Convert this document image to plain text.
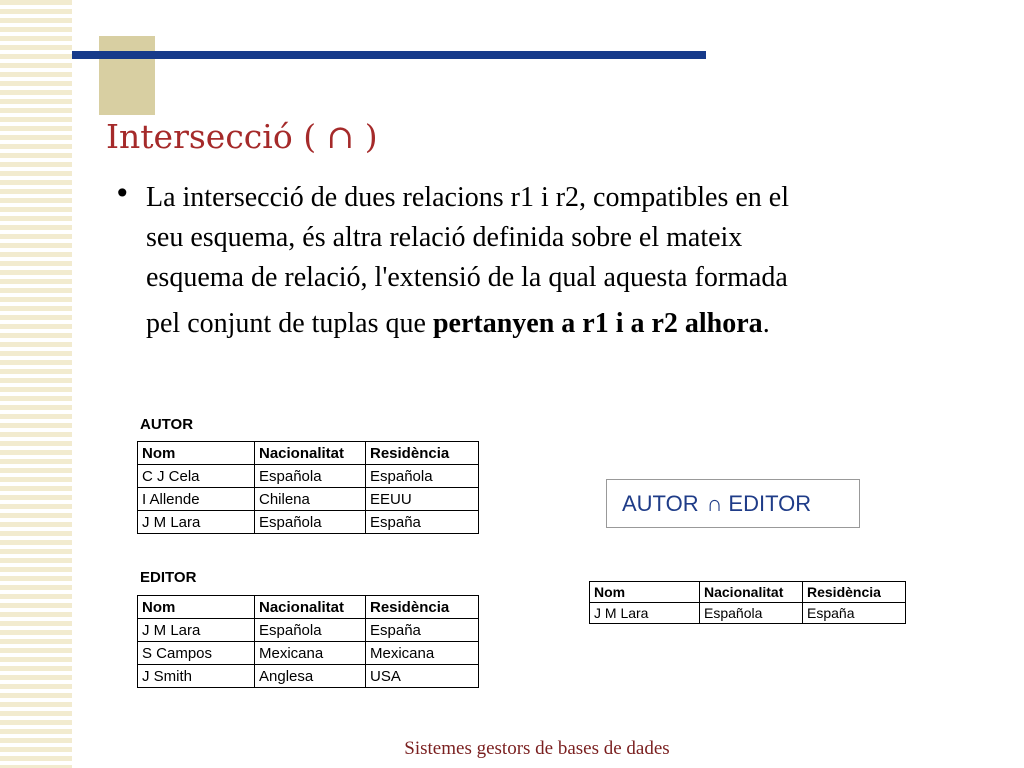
Intersecció ( ∩ )
• La intersecció de dues relacions r1 i r2, compatibles en el
seu esquema, és altra relació definida sobre el mateix
esquema de relació, l'extensió de la qual aquesta formada
pel conjunt de tuplas que pertanyen a r1 i a r2 alhora.

AUTOR
Nom	Nacionalitat	Residència
C J Cela	Española	Española
I Allende	Chilena	EEUU
J M Lara	Española	España
EDITOR
Nom	Nacionalitat	Residència
J M Lara	Española	España
S Campos	Mexicana	Mexicana
J Smith	Anglesa	USA
AUTOR ∩ EDITOR
Nom	Nacionalitat	Residència
J M Lara	Española	España
Sistemes gestors de bases de dades
